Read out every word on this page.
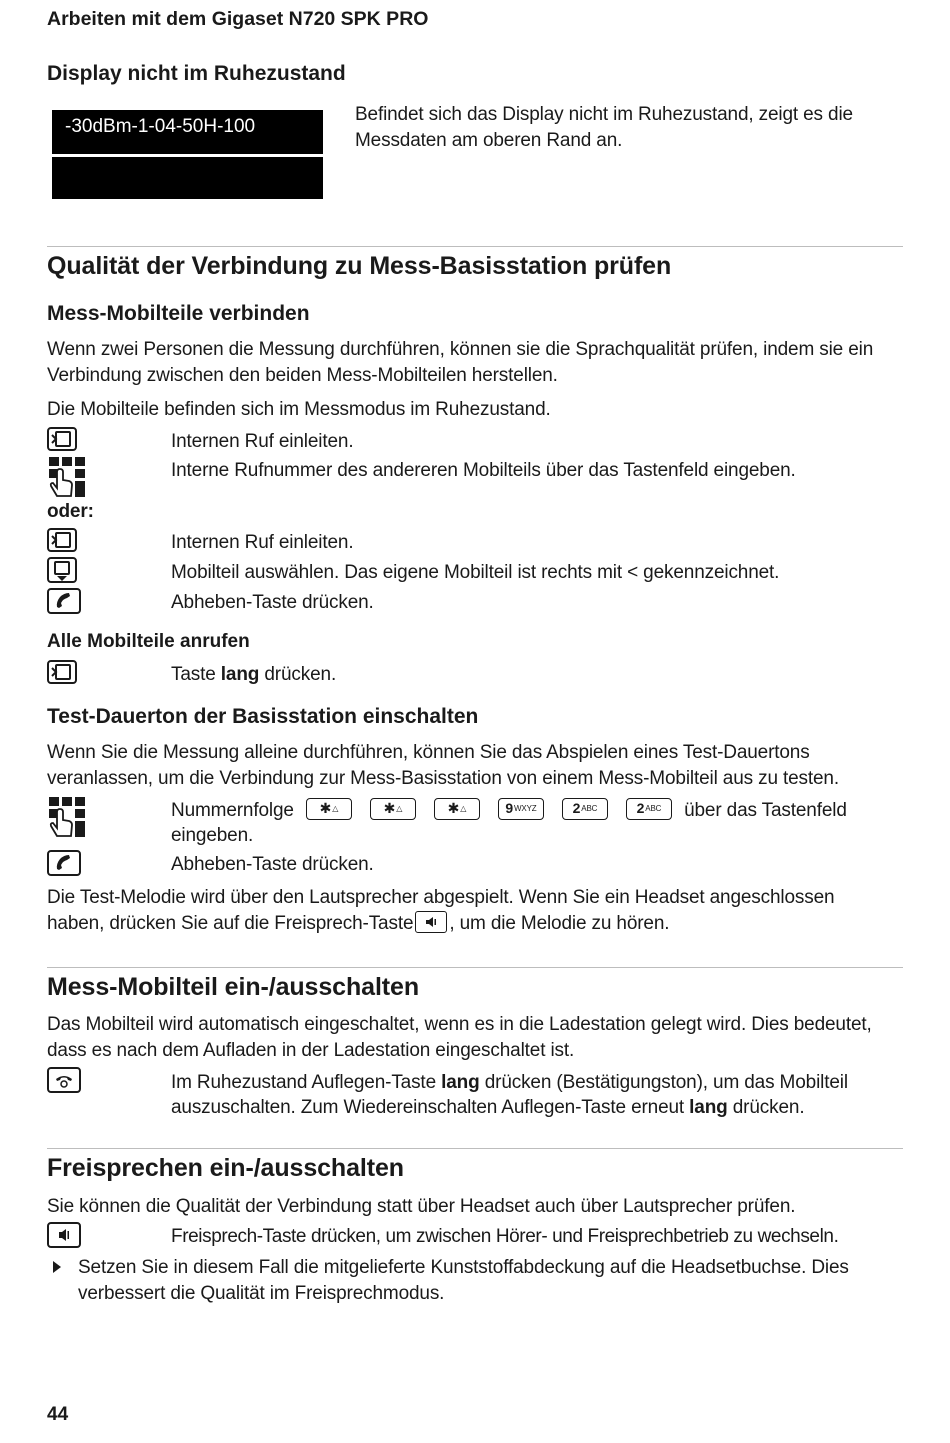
Arbeiten mit dem Gigaset N720 SPK PRO
Display nicht im Ruhezustand
-30dBm-1-04-50H-100
Befindet sich das Display nicht im Ruhezustand, zeigt es die Messdaten am oberen Rand an.
Qualität der Verbindung zu Mess-Basisstation prüfen
Mess-Mobilteile verbinden
Wenn zwei Personen die Messung durchführen, können sie die Sprachqualität prüfen, indem sie ein Verbindung zwischen den beiden Mess-Mobilteilen herstellen.
Die Mobilteile befinden sich im Messmodus im Ruhezustand.
Internen Ruf einleiten.
Interne Rufnummer des andereren Mobilteils über das Tastenfeld eingeben.
oder:
Internen Ruf einleiten.
Mobilteil auswählen. Das eigene Mobilteil ist rechts mit < gekennzeichnet.
Abheben-Taste drücken.
Alle Mobilteile anrufen
Taste lang drücken.
Test-Dauerton der Basisstation einschalten
Wenn Sie die Messung alleine durchführen, können Sie das Abspielen eines Test-Dauertons veranlassen, um die Verbindung zur Mess-Basisstation von einem Mess-Mobilteil aus zu testen.
Nummernfolge ✱ △	✱ △	✱ △	9 WXYZ	2 ABC	2 ABC über das Tastenfeld
eingeben.
Abheben-Taste drücken.
Die Test-Melodie wird über den Lautsprecher abgespielt. Wenn Sie ein Headset angeschlossen
haben, drücken Sie auf die Freisprech-Taste , um die Melodie zu hören.
Mess-Mobilteil ein-/ausschalten
Das Mobilteil wird automatisch eingeschaltet, wenn es in die Ladestation gelegt wird. Dies bedeutet, dass es nach dem Aufladen in der Ladestation eingeschaltet ist.
Im Ruhezustand Auflegen-Taste lang drücken (Bestätigungston), um das Mobilteil
auszuschalten. Zum Wiedereinschalten Auflegen-Taste erneut lang drücken.
Freisprechen ein-/ausschalten
Sie können die Qualität der Verbindung statt über Headset auch über Lautsprecher prüfen.
Freisprech-Taste drücken, um zwischen Hörer- und Freisprechbetrieb zu wechseln.
Setzen Sie in diesem Fall die mitgelieferte Kunststoffabdeckung auf die Headsetbuchse. Dies verbessert die Qualität im Freisprechmodus.
44
